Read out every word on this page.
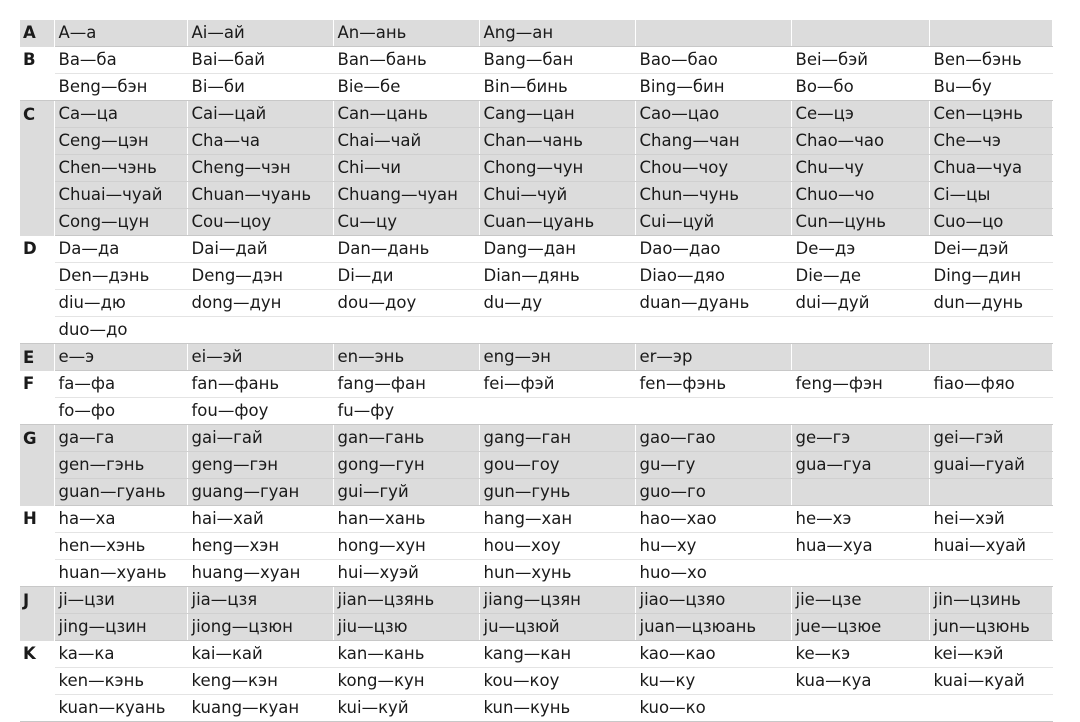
A	A—a	Ai—ай	An—ань	Ang—ан			
B	Ba—ба	Bai—бай	Ban—бань	Bang—бан	Bao—бао	Bei—бэй	Ben—бэнь
	Beng—бэн	Bi—би	Bie—бе	Bin—бинь	Bing—бин	Bo—бо	Bu—бу
C	Ca—ца	Cai—цай	Can—цань	Cang—цан	Cao—цао	Ce—цэ	Cen—цэнь
	Ceng—цэн	Cha—ча	Chai—чай	Chan—чань	Chang—чан	Chao—чао	Che—чэ
	Chen—чэнь	Cheng—чэн	Chi—чи	Chong—чун	Chou—чоу	Chu—чу	Chua—чуа
	Chuai—чуай	Chuan—чуань	Chuang—чуан	Chui—чуй	Chun—чунь	Chuo—чо	Ci—цы
	Cong—цун	Cou—цоу	Cu—цу	Cuan—цуань	Cui—цуй	Cun—цунь	Cuo—цо
D	Da—да	Dai—дай	Dan—дань	Dang—дан	Dao—дао	De—дэ	Dei—дэй
	Den—дэнь	Deng—дэн	Di—ди	Dian—дянь	Diao—дяо	Die—де	Ding—дин
	diu—дю	dong—дун	dou—доу	du—ду	duan—дуань	dui—дуй	dun—дунь
	duo—до						
E	e—э	ei—эй	en—энь	eng—эн	er—эр		
F	fa—фа	fan—фань	fang—фан	fei—фэй	fen—фэнь	feng—фэн	fiao—фяо
	fo—фо	fou—фоу	fu—фу				
G	ga—га	gai—гай	gan—гань	gang—ган	gao—гао	ge—гэ	gei—гэй
	gen—гэнь	geng—гэн	gong—гун	gou—гоу	gu—гу	gua—гуа	guai—гуай
	guan—гуань	guang—гуан	gui—гуй	gun—гунь	guo—го		
H	ha—ха	hai—хай	han—хань	hang—хан	hao—хао	he—хэ	hei—хэй
	hen—хэнь	heng—хэн	hong—хун	hou—хоу	hu—ху	hua—хуа	huai—хуай
	huan—хуань	huang—хуан	hui—хуэй	hun—хунь	huo—хо		
J	ji—цзи	jia—цзя	jian—цзянь	jiang—цзян	jiao—цзяо	jie—цзе	jin—цзинь
	jing—цзин	jiong—цзюн	jiu—цзю	ju—цзюй	juan—цзюань	jue—цзюе	jun—цзюнь
K	ka—ка	kai—кай	kan—кань	kang—кан	kao—као	ke—кэ	kei—кэй
	ken—кэнь	keng—кэн	kong—кун	kou—коу	ku—ку	kua—куа	kuai—куай
	kuan—куань	kuang—куан	kui—куй	kun—кунь	kuo—ко		
